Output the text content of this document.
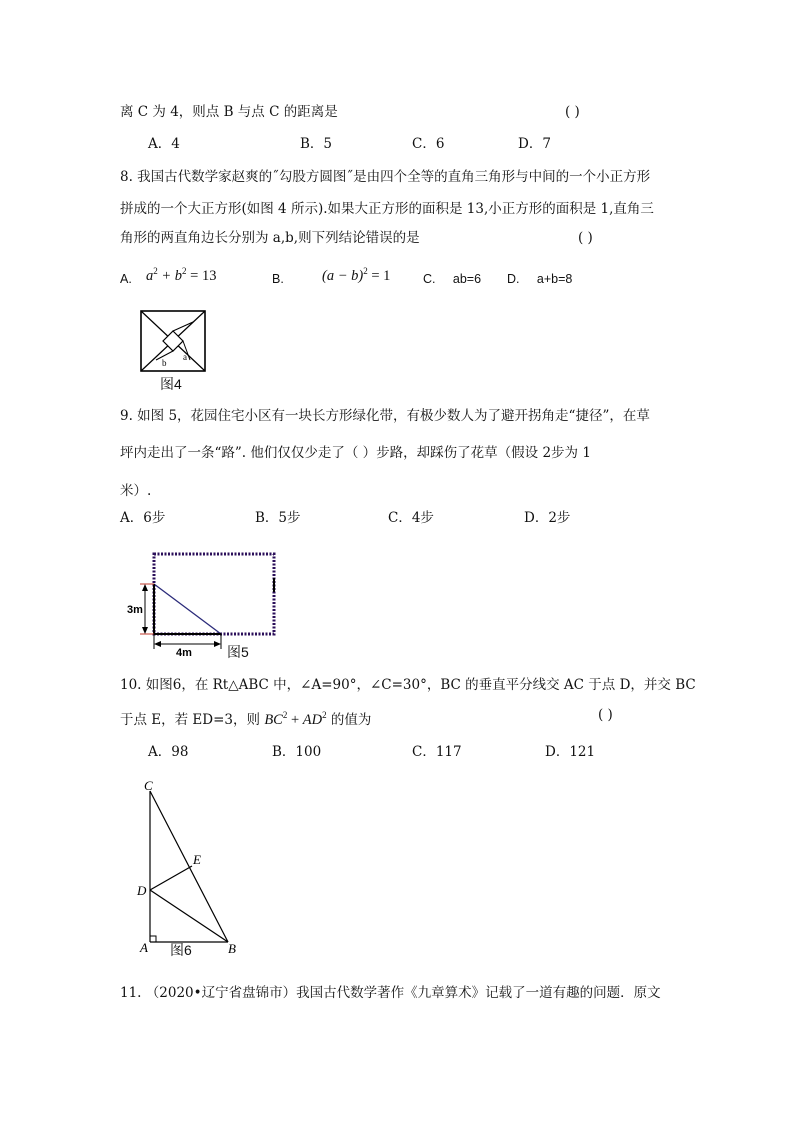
离 C 为 4，则点 B 与点 C 的距离是	( )
A．4	B．5	C．6	D．7
8. 我国古代数学家赵爽的˝勾股方圆图˝是由四个全等的直角三角形与中间的一个小正方形
拼成的一个大正方形(如图 4 所示).如果大正方形的面积是 13,小正方形的面积是 1,直角三
角形的两直角边长分别为 a,b,则下列结论错误的是	( )
A. $a^2 + b^2 = 13$	B.	$(a - b)^2 = 1$	C.     ab=6 D.     a+b=8
a
b
图4
9. 如图 5，花园住宅小区有一块长方形绿化带，有极少数人为了避开拐角走“捷径”，在草
坪内走出了一条“路”. 他们仅仅少走了（ ）步路，却踩伤了花草（假设 2步为 1
米）.
A．6步	B．5步	C．4步	D．2步
3m
4m	图5
10. 如图6，在 Rt△ABC 中，∠A=90°，∠C=30°，BC 的垂直平分线交 AC 于点 D，并交 BC
于点 E，若 ED=3，则 $BC^2 + AD^2$ 的值为	( )
A．98	B．100	C．117	D．121
C
E
D
A	B
图6
11. （2020•辽宁省盘锦市）我国古代数学著作《九章算术》记载了一道有趣的问题．原文
